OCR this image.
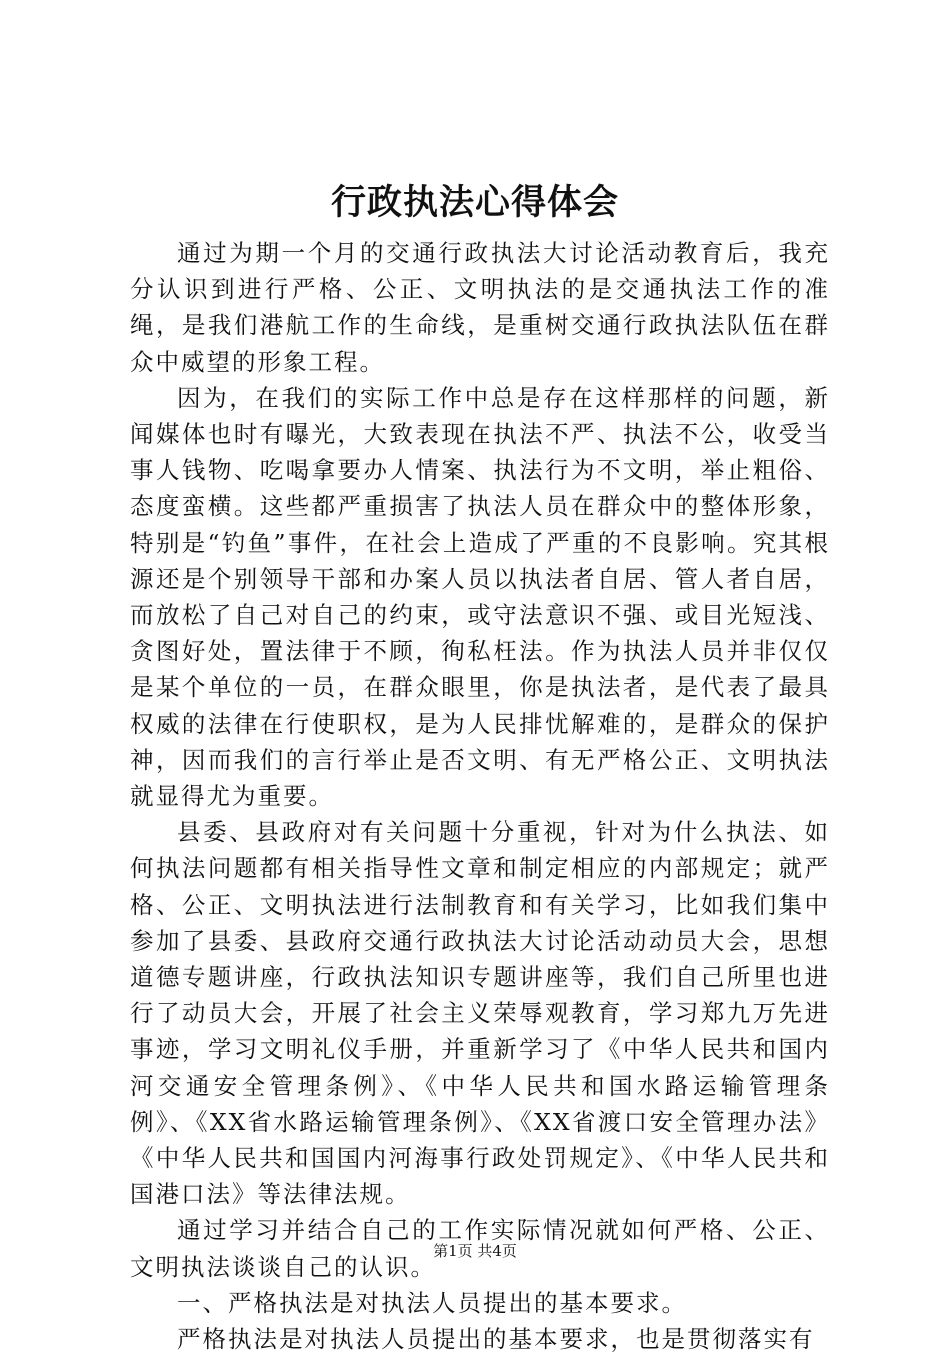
行政执法心得体会

通过为期一个月的交通行政执法大讨论活动教育后，我充分认识到进行严格、公正、文明执法的是交通执法工作的准绳，是我们港航工作的生命线，是重树交通行政执法队伍在群众中威望的形象工程。

因为，在我们的实际工作中总是存在这样那样的问题，新闻媒体也时有曝光，大致表现在执法不严、执法不公，收受当事人钱物、吃喝拿要办人情案、执法行为不文明，举止粗俗、态度蛮横。这些都严重损害了执法人员在群众中的整体形象，特别是“钓鱼”事件，在社会上造成了严重的不良影响。究其根源还是个别领导干部和办案人员以执法者自居、管人者自居，而放松了自己对自己的约束，或守法意识不强、或目光短浅、贪图好处，置法律于不顾，徇私枉法。作为执法人员并非仅仅是某个单位的一员，在群众眼里，你是执法者，是代表了最具权威的法律在行使职权，是为人民排忧解难的，是群众的保护神，因而我们的言行举止是否文明、有无严格公正、文明执法就显得尤为重要。

县委、县政府对有关问题十分重视，针对为什么执法、如何执法问题都有相关指导性文章和制定相应的内部规定；就严格、公正、文明执法进行法制教育和有关学习，比如我们集中参加了县委、县政府交通行政执法大讨论活动动员大会，思想道德专题讲座，行政执法知识专题讲座等，我们自己所里也进行了动员大会，开展了社会主义荣辱观教育，学习郑九万先进事迹，学习文明礼仪手册，并重新学习了《中华人民共和国内河交通安全管理条例》、《中华人民共和国水路运输管理条例》、《XX省水路运输管理条例》、《XX省渡口安全管理办法》《中华人民共和国国内河海事行政处罚规定》、《中华人民共和国港口法》等法律法规。

通过学习并结合自己的工作实际情况就如何严格、公正、文明执法谈谈自己的认识。

一、严格执法是对执法人员提出的基本要求。

严格执法是对执法人员提出的基本要求，也是贯彻落实有

第1页 共4页
